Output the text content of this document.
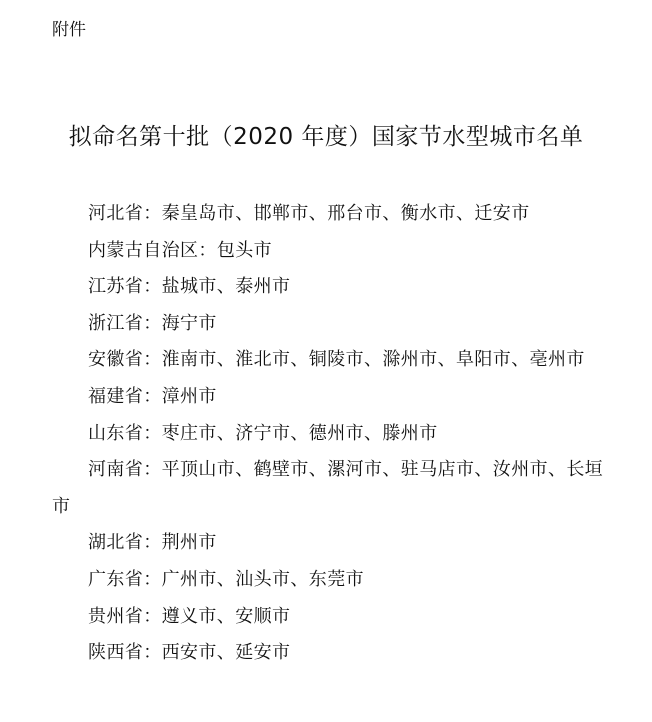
附件
拟命名第十批（2020 年度）国家节水型城市名单
河北省：秦皇岛市、邯郸市、邢台市、衡水市、迁安市
内蒙古自治区：包头市
江苏省：盐城市、泰州市
浙江省：海宁市
安徽省：淮南市、淮北市、铜陵市、滁州市、阜阳市、亳州市
福建省：漳州市
山东省：枣庄市、济宁市、德州市、滕州市
河南省：平顶山市、鹤壁市、漯河市、驻马店市、汝州市、长垣市
湖北省：荆州市
广东省：广州市、汕头市、东莞市
贵州省：遵义市、安顺市
陕西省：西安市、延安市
